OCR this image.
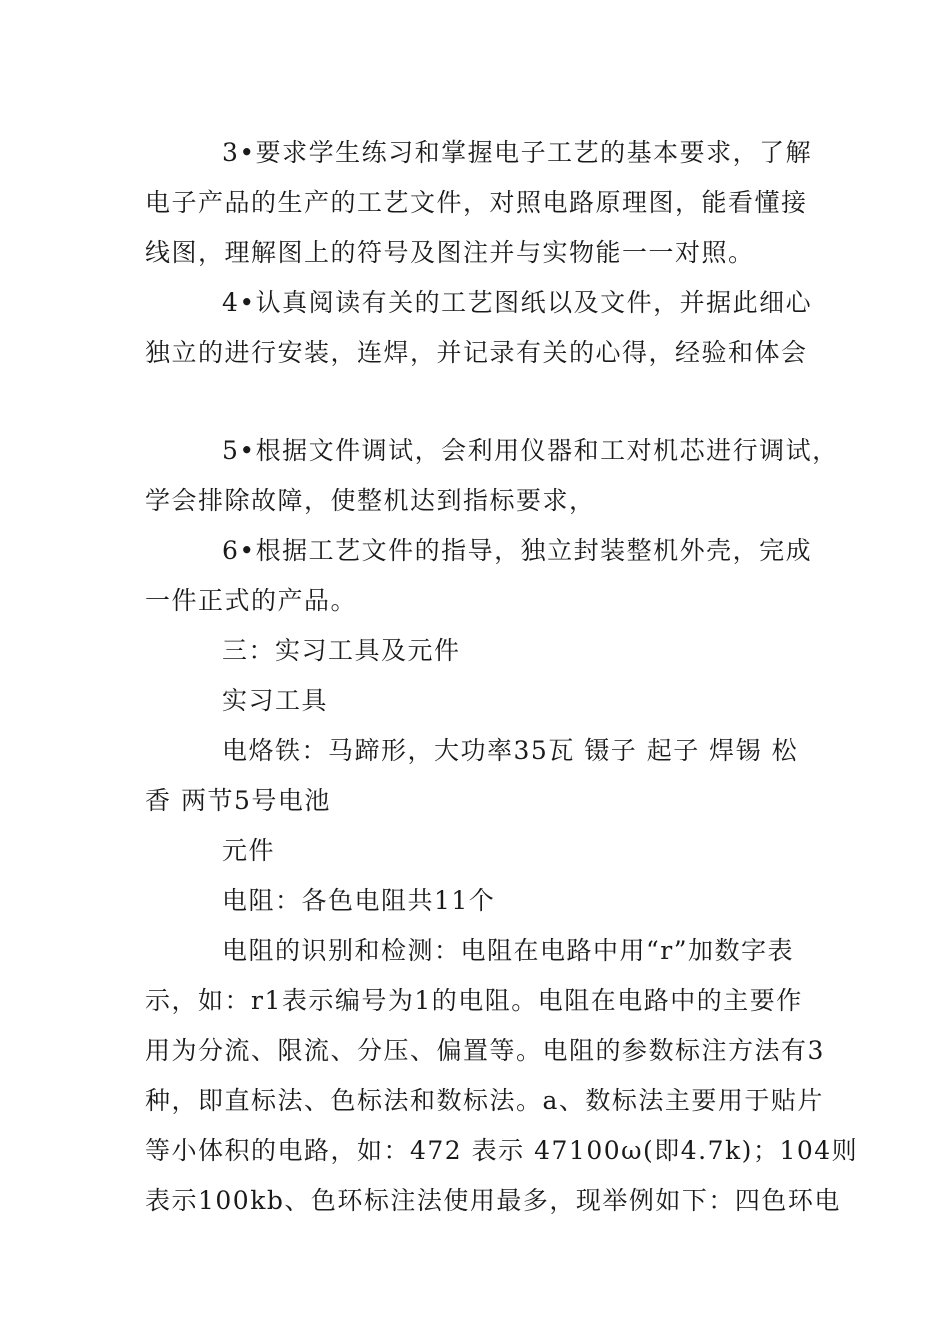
3•要求学生练习和掌握电子工艺的基本要求，了解
电子产品的生产的工艺文件，对照电路原理图，能看懂接
线图，理解图上的符号及图注并与实物能一一对照。
4•认真阅读有关的工艺图纸以及文件，并据此细心
独立的进行安装，连焊，并记录有关的心得，经验和体会
5•根据文件调试，会利用仪器和工对机芯进行调试，
学会排除故障，使整机达到指标要求，
6•根据工艺文件的指导，独立封装整机外壳，完成
一件正式的产品。
三：实习工具及元件
实习工具
电烙铁：马蹄形，大功率35瓦 镊子 起子 焊锡 松
香 两节5号电池
元件
电阻：各色电阻共11个
电阻的识别和检测：电阻在电路中用“r”加数字表
示，如：r1表示编号为1的电阻。电阻在电路中的主要作
用为分流、限流、分压、偏置等。电阻的参数标注方法有3
种，即直标法、色标法和数标法。a、数标法主要用于贴片
等小体积的电路，如：472 表示 47100ω(即4.7k)；104则
表示100kb、色环标注法使用最多，现举例如下：四色环电
